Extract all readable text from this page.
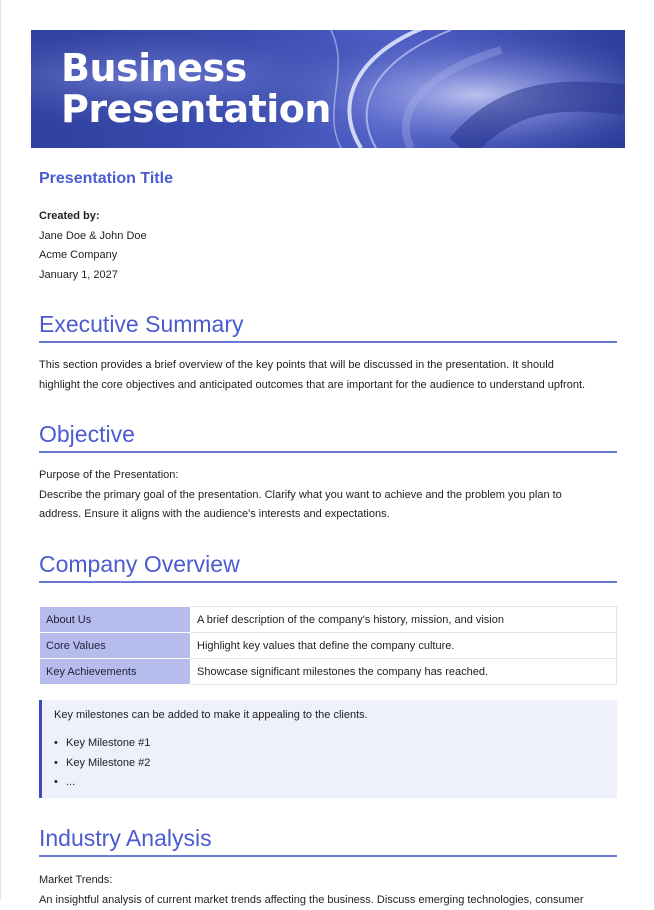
Business
Presentation
Presentation Title
Created by:
Jane Doe & John Doe
Acme Company
January 1, 2027
Executive Summary
This section provides a brief overview of the key points that will be discussed in the presentation. It should
highlight the core objectives and anticipated outcomes that are important for the audience to understand upfront.
Objective
Purpose of the Presentation:
Describe the primary goal of the presentation. Clarify what you want to achieve and the problem you plan to
address. Ensure it aligns with the audience's interests and expectations.
Company Overview
About Us	A brief description of the company's history, mission, and vision
Core Values	Highlight key values that define the company culture.
Key Achievements	Showcase significant milestones the company has reached.
Key milestones can be added to make it appealing to the clients.
• Key Milestone #1
• Key Milestone #2
• ...
Industry Analysis
Market Trends:
An insightful analysis of current market trends affecting the business. Discuss emerging technologies, consumer
